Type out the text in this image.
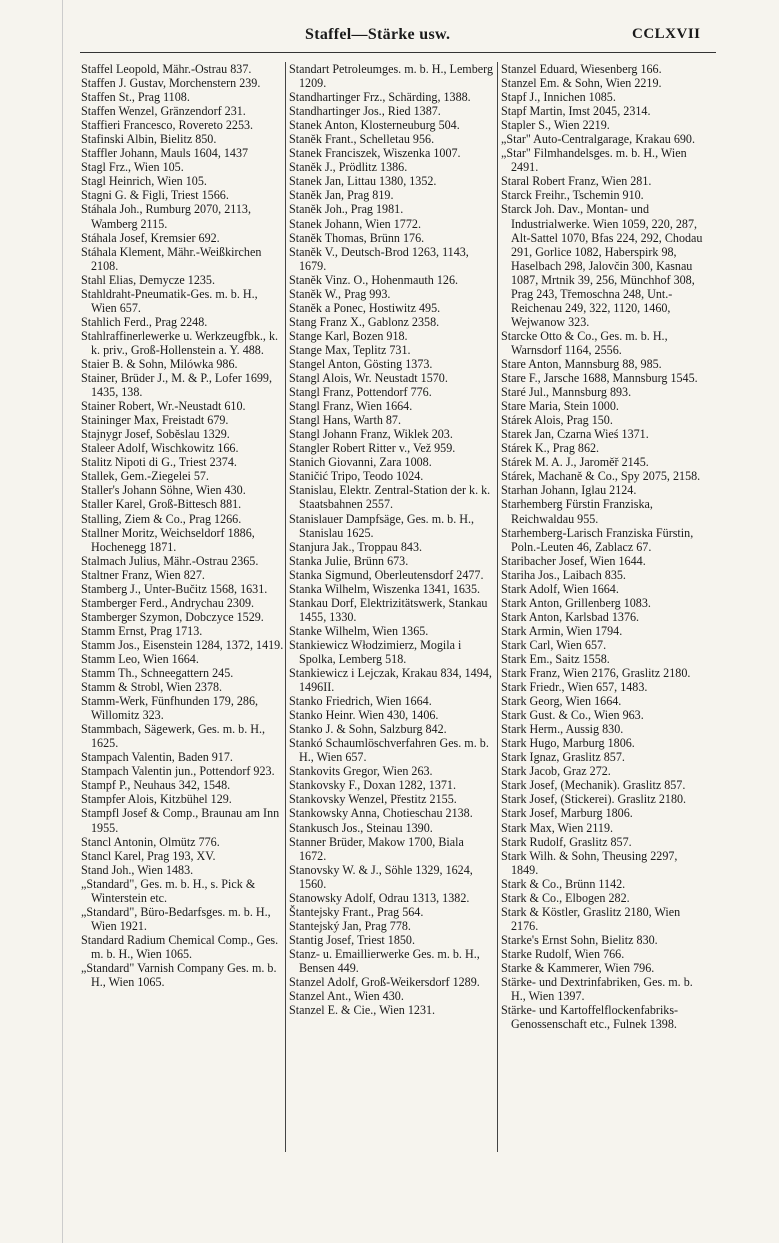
Staffel—Stärke usw.	CCLXVII

Staffel Leopold, Mähr.-Ostrau 837.

Staffen J. Gustav, Morchenstern 239.

Staffen St., Prag 1108.

Staffen Wenzel, Gränzendorf 231.

Staffieri Francesco, Rovereto 2253.

Stafinski Albin, Bielitz 850.

Staffler Johann, Mauls 1604, 1437

Stagl Frz., Wien 105.

Stagl Heinrich, Wien 105.

Stagni G. & Figli, Triest 1566.

Stáhala Joh., Rumburg 2070, 2113, Wamberg 2115.

Stáhala Josef, Kremsier 692.

Stáhala Klement, Mähr.-Weißkirchen 2108.

Stahl Elias, Demycze 1235.

Stahldraht-Pneumatik-Ges. m. b. H., Wien 657.

Stahlich Ferd., Prag 2248.

Stahlraffinerlewerke u. Werkzeugfbk., k. k. priv., Groß-Hollenstein a. Y. 488.

Staier B. & Sohn, Milówka 986.

Stainer, Brüder J., M. & P., Lofer 1699, 1435, 138.

Stainer Robert, Wr.-Neustadt 610.

Staininger Max, Freistadt 679.

Stajnygr Josef, Soběslau 1329.

Staleer Adolf, Wischkowitz 166.

Stalitz Nipoti di G., Triest 2374.

Stallek, Gem.-Ziegelei 57.

Staller's Johann Söhne, Wien 430.

Staller Karel, Groß-Bittesch 881.

Stalling, Ziem & Co., Prag 1266.

Stallner Moritz, Weichseldorf 1886, Hochenegg 1871.

Stalmach Julius, Mähr.-Ostrau 2365.

Staltner Franz, Wien 827.

Stamberg J., Unter-Bučitz 1568, 1631.

Stamberger Ferd., Andrychau 2309.

Stamberger Szymon, Dobczyce 1529.

Stamm Ernst, Prag 1713.

Stamm Jos., Eisenstein 1284, 1372, 1419.

Stamm Leo, Wien 1664.

Stamm Th., Schneegattern 245.

Stamm & Strobl, Wien 2378.

Stamm-Werk, Fünfhunden 179, 286, Willomitz 323.

Stammbach, Sägewerk, Ges. m. b. H., 1625.

Stampach Valentin, Baden 917.

Stampach Valentin jun., Pottendorf 923.

Stampf P., Neuhaus 342, 1548.

Stampfer Alois, Kitzbühel 129.

Stampfl Josef & Comp., Braunau am Inn 1955.

Stancl Antonin, Olmütz 776.

Stancl Karel, Prag 193, XV.

Stand Joh., Wien 1483.

„Standard", Ges. m. b. H., s. Pick & Winterstein etc.

„Standard", Büro-Bedarfsges. m. b. H., Wien 1921.

Standard Radium Chemical Comp., Ges. m. b. H., Wien 1065.

„Standard" Varnish Company Ges. m. b. H., Wien 1065.

Standart Petroleumges. m. b. H., Lemberg 1209.

Standhartinger Frz., Schärding, 1388.

Standhartinger Jos., Ried 1387.

Stanek Anton, Klosterneuburg 504.

Staněk Frant., Schelletau 956.

Stanek Franciszek, Wiszenka 1007.

Staněk J., Prödlitz 1386.

Stanek Jan, Littau 1380, 1352.

Staněk Jan, Prag 819.

Staněk Joh., Prag 1981.

Stanek Johann, Wien 1772.

Staněk Thomas, Brünn 176.

Staněk V., Deutsch-Brod 1263, 1143, 1679.

Staněk Vinz. O., Hohenmauth 126.

Staněk W., Prag 993.

Staněk a Ponec, Hostiwitz 495.

Stang Franz X., Gablonz 2358.

Stange Karl, Bozen 918.

Stange Max, Teplitz 731.

Stangel Anton, Gösting 1373.

Stangl Alois, Wr. Neustadt 1570.

Stangl Franz, Pottendorf 776.

Stangl Franz, Wien 1664.

Stangl Hans, Warth 87.

Stangl Johann Franz, Wiklek 203.

Stangler Robert Ritter v., Vež 959.

Stanich Giovanni, Zara 1008.

Staničić Tripo, Teodo 1024.

Stanislau, Elektr. Zentral-Station der k. k. Staatsbahnen 2557.

Stanislauer Dampfsäge, Ges. m. b. H., Stanislau 1625.

Stanjura Jak., Troppau 843.

Stanka Julie, Brünn 673.

Stanka Sigmund, Oberleutensdorf 2477.

Stanka Wilhelm, Wiszenka 1341, 1635.

Stankau Dorf, Elektrizitätswerk, Stankau 1455, 1330.

Stanke Wilhelm, Wien 1365.

Stankiewicz Włodzimierz, Mogila i Spolka, Lemberg 518.

Stankiewicz i Lejczak, Krakau 834, 1494, 1496II.

Stanko Friedrich, Wien 1664.

Stanko Heinr. Wien 430, 1406.

Stanko J. & Sohn, Salzburg 842.

Stankó Schaumlöschverfahren Ges. m. b. H., Wien 657.

Stankovits Gregor, Wien 263.

Stankovsky F., Doxan 1282, 1371.

Stankovsky Wenzel, Přestitz 2155.

Stankowsky Anna, Chotieschau 2138.

Stankusch Jos., Steinau 1390.

Stanner Brüder, Makow 1700, Biala 1672.

Stanovsky W. & J., Söhle 1329, 1624, 1560.

Stanowsky Adolf, Odrau 1313, 1382.

Štantejsky Frant., Prag 564.

Stantejský Jan, Prag 778.

Stantig Josef, Triest 1850.

Stanz- u. Emaillierwerke Ges. m. b. H., Bensen 449.

Stanzel Adolf, Groß-Weikersdorf 1289.

Stanzel Ant., Wien 430.

Stanzel E. & Cie., Wien 1231.

Stanzel Eduard, Wiesenberg 166.

Stanzel Em. & Sohn, Wien 2219.

Stapf J., Innichen 1085.

Stapf Martin, Imst 2045, 2314.

Stapler S., Wien 2219.

„Star" Auto-Centralgarage, Krakau 690.

„Star" Filmhandelsges. m. b. H., Wien 2491.

Staral Robert Franz, Wien 281.

Starck Freihr., Tschemin 910.

Starck Joh. Dav., Montan- und Industrialwerke. Wien 1059, 220, 287, Alt-Sattel 1070, Bfas 224, 292, Chodau 291, Gorlice 1082, Haberspirk 98, Haselbach 298, Jalovčin 300, Kasnau 1087, Mrtnik 39, 256, Münchhof 308, Prag 243, Třemoschna 248, Unt.-Reichenau 249, 322, 1120, 1460, Wejwanow 323.

Starcke Otto & Co., Ges. m. b. H., Warnsdorf 1164, 2556.

Stare Anton, Mannsburg 88, 985.

Stare F., Jarsche 1688, Mannsburg 1545.

Staré Jul., Mannsburg 893.

Stare Maria, Stein 1000.

Stárek Alois, Prag 150.

Starek Jan, Czarna Wieś 1371.

Stárek K., Prag 862.

Stárek M. A. J., Jaroměř 2145.

Stárek, Machaně & Co., Spy 2075, 2158.

Starhan Johann, Iglau 2124.

Starhemberg Fürstin Franziska, Reichwaldau 955.

Starhemberg-Larisch Franziska Fürstin, Poln.-Leuten 46, Zablacz 67.

Staribacher Josef, Wien 1644.

Stariha Jos., Laibach 835.

Stark Adolf, Wien 1664.

Stark Anton, Grillenberg 1083.

Stark Anton, Karlsbad 1376.

Stark Armin, Wien 1794.

Stark Carl, Wien 657.

Stark Em., Saitz 1558.

Stark Franz, Wien 2176, Graslitz 2180.

Stark Friedr., Wien 657, 1483.

Stark Georg, Wien 1664.

Stark Gust. & Co., Wien 963.

Stark Herm., Aussig 830.

Stark Hugo, Marburg 1806.

Stark Ignaz, Graslitz 857.

Stark Jacob, Graz 272.

Stark Josef, (Mechanik). Graslitz 857.

Stark Josef, (Stickerei). Graslitz 2180.

Stark Josef, Marburg 1806.

Stark Max, Wien 2119.

Stark Rudolf, Graslitz 857.

Stark Wilh. & Sohn, Theusing 2297, 1849.

Stark & Co., Brünn 1142.

Stark & Co., Elbogen 282.

Stark & Köstler, Graslitz 2180, Wien 2176.

Starke's Ernst Sohn, Bielitz 830.

Starke Rudolf, Wien 766.

Starke & Kammerer, Wien 796.

Stärke- und Dextrinfabriken, Ges. m. b. H., Wien 1397.

Stärke- und Kartoffelflockenfabriks-Genossenschaft etc., Fulnek 1398.
